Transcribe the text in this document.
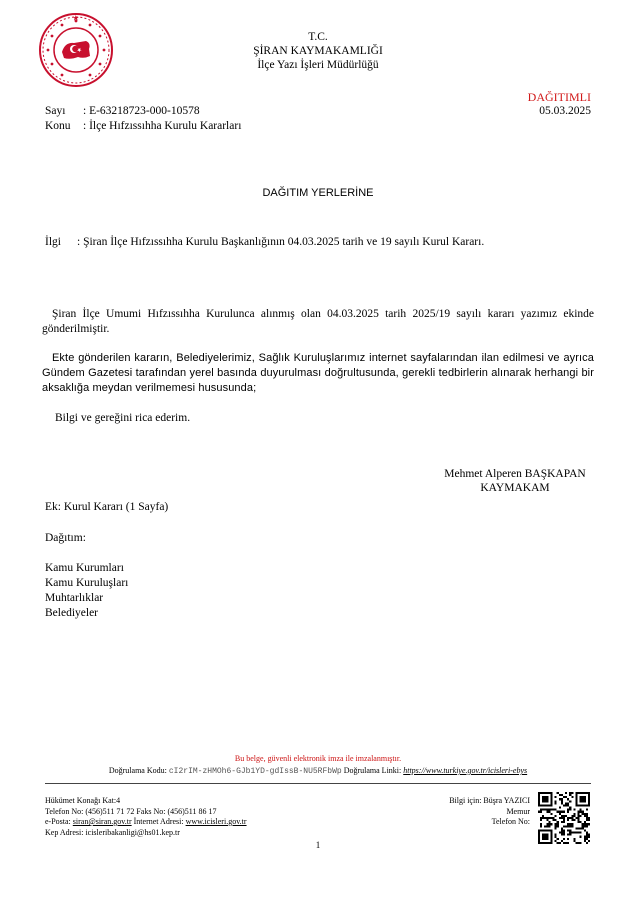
T.C.
ŞİRAN KAYMAKAMLIĞI
İlçe Yazı İşleri Müdürlüğü
DAĞITIMLI
05.03.2025
Sayı : E-63218723-000-10578
Konu : İlçe Hıfzıssıhha Kurulu Kararları
DAĞITIM YERLERİNE
İlgi : Şiran İlçe Hıfzıssıhha Kurulu Başkanlığının 04.03.2025 tarih ve 19 sayılı Kurul Kararı.
Şiran İlçe Umumi Hıfzıssıhha Kurulunca alınmış olan 04.03.2025 tarih 2025/19 sayılı kararı yazımız ekinde gönderilmiştir.
Ekte gönderilen kararın, Belediyelerimiz, Sağlık Kuruluşlarımız internet sayfalarından ilan edilmesi ve ayrıca Gündem Gazetesi tarafından yerel basında duyurulması doğrultusunda, gerekli tedbirlerin alınarak herhangi bir aksaklığa meydan verilmemesi hususunda;
Bilgi ve gereğini rica ederim.
Mehmet Alperen BAŞKAPAN
KAYMAKAM
Ek: Kurul Kararı (1 Sayfa)
Dağıtım:
Kamu Kurumları
Kamu Kuruluşları
Muhtarlıklar
Belediyeler
Bu belge, güvenli elektronik imza ile imzalanmıştır.
Doğrulama Kodu: cI2rIM-zHMOh6-GJb1YD-gdIssB-NU5RFbWp Doğrulama Linki: https://www.turkiye.gov.tr/icisleri-ebys
Hükümet Konağı Kat:4
Telefon No: (456)511 71 72 Faks No: (456)511 86 17
e-Posta: siran@siran.gov.tr İnternet Adresi: www.icisleri.gov.tr
Kep Adresi: icisleribakanligi@hs01.kep.tr
Bilgi için: Büşra YAZICI
Memur
Telefon No:
1
